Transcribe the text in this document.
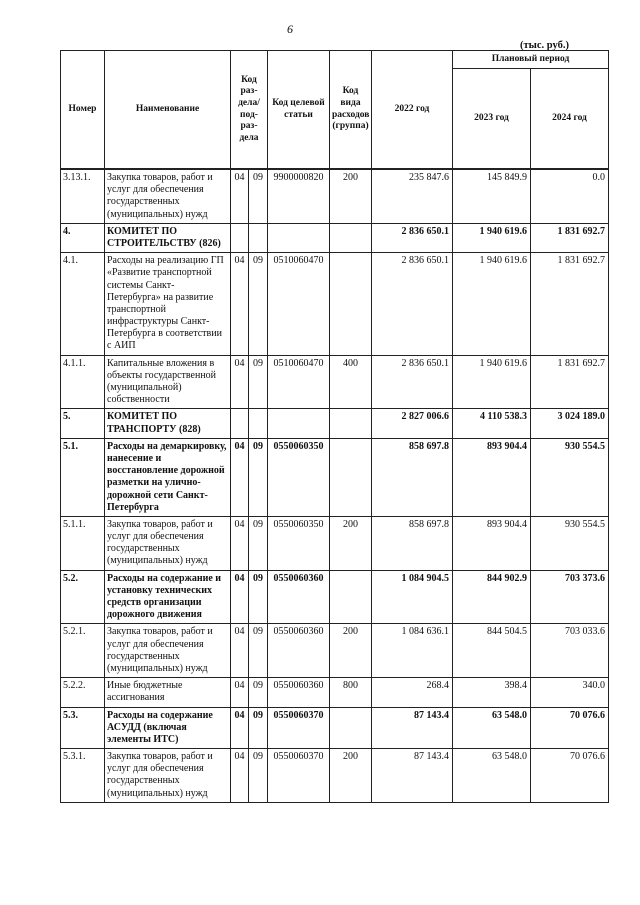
6
(тыс. руб.)
Номер	Наименование	Код раз-дела/ под-раз-дела		Код целевой статьи	Код вида расходов (группа)	2022 год	Плановый период	
							2023 год	2024 год

3.13.1.	Закупка товаров, работ и услуг для обеспечения государственных (муниципальных) нужд	04	09	9900000820	200	235 847.6	145 849.9	0.0
4.	КОМИТЕТ ПО СТРОИТЕЛЬСТВУ (826)					2 836 650.1	1 940 619.6	1 831 692.7
4.1.	Расходы на реализацию ГП «Развитие транспортной системы Санкт-Петербурга» на развитие транспортной инфраструктуры Санкт-Петербурга в соответствии с АИП	04	09	0510060470		2 836 650.1	1 940 619.6	1 831 692.7
4.1.1.	Капитальные вложения в объекты государственной (муниципальной) собственности	04	09	0510060470	400	2 836 650.1	1 940 619.6	1 831 692.7
5.	КОМИТЕТ ПО ТРАНСПОРТУ (828)					2 827 006.6	4 110 538.3	3 024 189.0
5.1.	Расходы на демаркировку, нанесение и восстановление дорожной разметки на улично-дорожной сети Санкт-Петербурга	04	09	0550060350		858 697.8	893 904.4	930 554.5
5.1.1.	Закупка товаров, работ и услуг для обеспечения государственных (муниципальных) нужд	04	09	0550060350	200	858 697.8	893 904.4	930 554.5
5.2.	Расходы на содержание и установку технических средств организации дорожного движения	04	09	0550060360		1 084 904.5	844 902.9	703 373.6
5.2.1.	Закупка товаров, работ и услуг для обеспечения государственных (муниципальных) нужд	04	09	0550060360	200	1 084 636.1	844 504.5	703 033.6
5.2.2.	Иные бюджетные ассигнования	04	09	0550060360	800	268.4	398.4	340.0
5.3.	Расходы на содержание АСУДД (включая элементы ИТС)	04	09	0550060370		87 143.4	63 548.0	70 076.6
5.3.1.	Закупка товаров, работ и услуг для обеспечения государственных (муниципальных) нужд	04	09	0550060370	200	87 143.4	63 548.0	70 076.6
